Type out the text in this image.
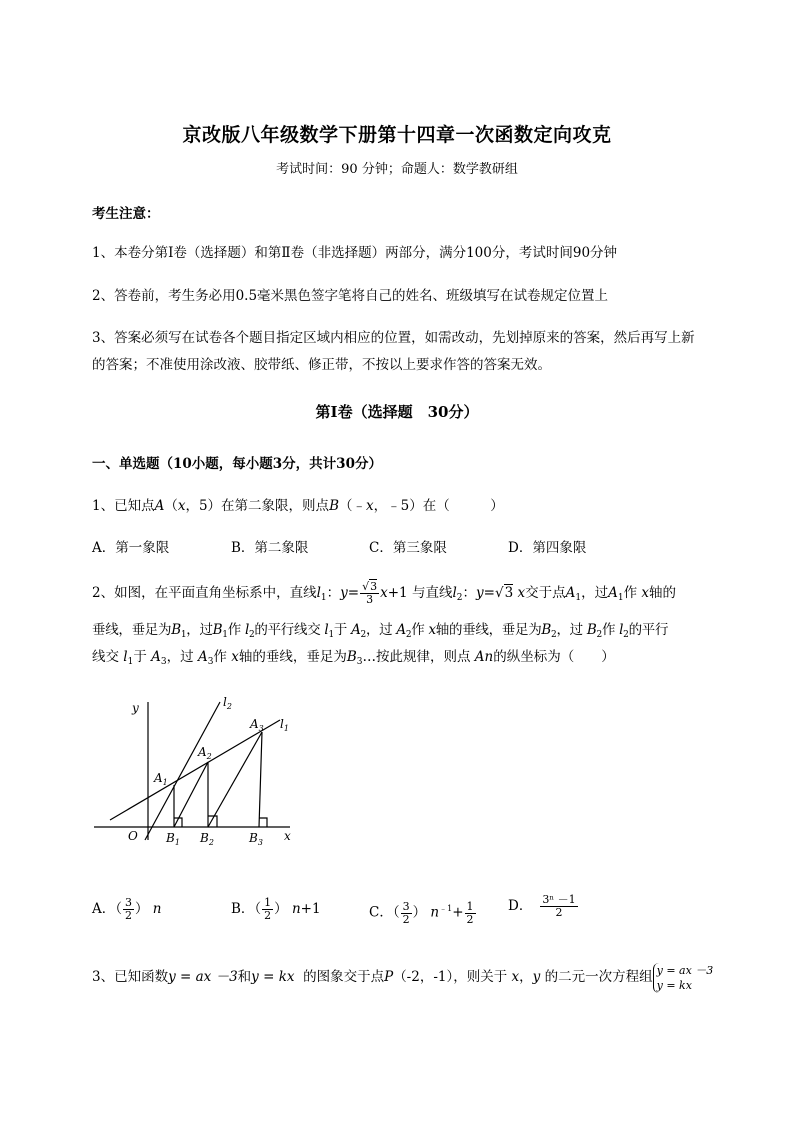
京改版八年级数学下册第十四章一次函数定向攻克
考试时间：90 分钟；命题人：数学教研组
考生注意：
1、本卷分第Ⅰ卷（选择题）和第Ⅱ卷（非选择题）两部分，满分100分，考试时间90分钟
2、答卷前，考生务必用0.5毫米黑色签字笔将自己的姓名、班级填写在试卷规定位置上
3、答案必须写在试卷各个题目指定区域内相应的位置，如需改动，先划掉原来的答案，然后再写上新
的答案；不准使用涂改液、胶带纸、修正带，不按以上要求作答的答案无效。
第Ⅰ卷（选择题　30分）
一、单选题（10小题，每小题3分，共计30分）
1、已知点A（x，5）在第二象限，则点B（﹣x，﹣5）在（　　　）
A．第一象限	B．第二象限	C．第三象限	D．第四象限
2、如图，在平面直角坐标系中，直线$l_1$：$y= \frac{√3}{3} x+1$ 与直线$l_2$：y=√3 x交于点$A_1$，过$A_1$作 x轴的
垂线，垂足为$B_1$，过$B_1$作 $l_2$的平行线交 $l_1$于 $A_2$，过 $A_2$作 x轴的垂线，垂足为$B_2$，过 $B_2$作 $l_2$的平行
线交 $l_1$于 $A_3$，过 $A_3$作 x轴的垂线，垂足为$B_3\dots$按此规律，则点 An的纵坐标为（　　）
y
x
O
$l_2$
$l_1$
$A_1$
$A_2$
$A_3$
$B_1$ $B_2$	$B_3$
A．（ $\frac{3}{2}$ ） n	B．（ $\frac{1}{2}$ ） n+1	C．（ $\frac{3}{2}$ ） $n^{﹣1}+ \frac{1}{2}$ D． $\frac{\text{3ⁿ －1}}{2}$
3、已知函数y = ax －3和y = kx 的图象交于点P（-2，-1），则关于 x，y 的二元一次方程组 y = ax －3
y = kx
